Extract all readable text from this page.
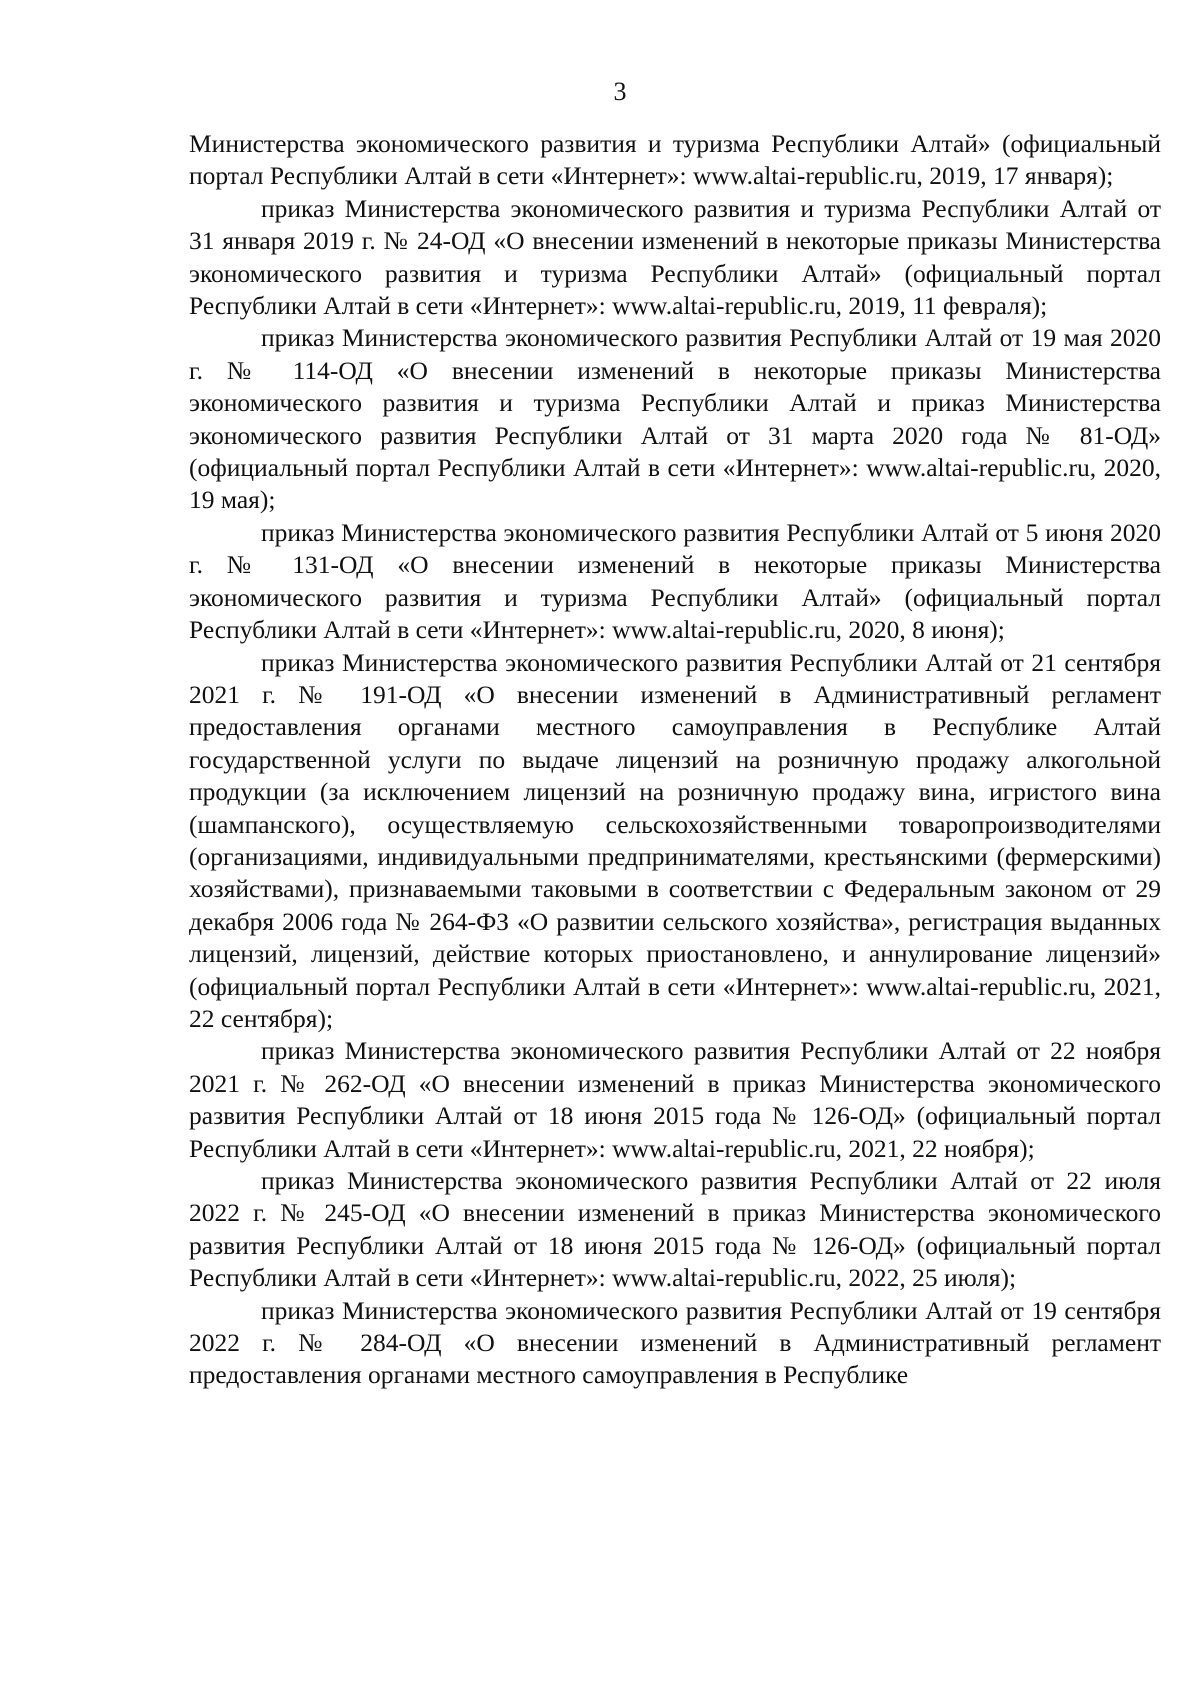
3

Министерства экономического развития и туризма Республики Алтай» (официальный портал Республики Алтай в сети «Интернет»: www.altai-republic.ru, 2019, 17 января);

приказ Министерства экономического развития и туризма Республики Алтай от 31 января 2019 г. № 24-ОД «О внесении изменений в некоторые приказы Министерства экономического развития и туризма Республики Алтай» (официальный портал Республики Алтай в сети «Интернет»: www.altai-republic.ru, 2019, 11 февраля);

приказ Министерства экономического развития Республики Алтай от 19 мая 2020 г. № 114-ОД «О внесении изменений в некоторые приказы Министерства экономического развития и туризма Республики Алтай и приказ Министерства экономического развития Республики Алтай от 31 марта 2020 года № 81-ОД» (официальный портал Республики Алтай в сети «Интернет»: www.altai-republic.ru, 2020, 19 мая);

приказ Министерства экономического развития Республики Алтай от 5 июня 2020 г. № 131-ОД «О внесении изменений в некоторые приказы Министерства экономического развития и туризма Республики Алтай» (официальный портал Республики Алтай в сети «Интернет»: www.altai-republic.ru, 2020, 8 июня);

приказ Министерства экономического развития Республики Алтай от 21 сентября 2021 г. № 191-ОД «О внесении изменений в Административный регламент предоставления органами местного самоуправления в Республике Алтай государственной услуги по выдаче лицензий на розничную продажу алкогольной продукции (за исключением лицензий на розничную продажу вина, игристого вина (шампанского), осуществляемую сельскохозяйственными товаропроизводителями (организациями, индивидуальными предпринимателями, крестьянскими (фермерскими) хозяйствами), признаваемыми таковыми в соответствии с Федеральным законом от 29 декабря 2006 года № 264-ФЗ «О развитии сельского хозяйства», регистрация выданных лицензий, лицензий, действие которых приостановлено, и аннулирование лицензий» (официальный портал Республики Алтай в сети «Интернет»: www.altai-republic.ru, 2021, 22 сентября);

приказ Министерства экономического развития Республики Алтай от 22 ноября 2021 г. № 262-ОД «О внесении изменений в приказ Министерства экономического развития Республики Алтай от 18 июня 2015 года № 126-ОД» (официальный портал Республики Алтай в сети «Интернет»: www.altai-republic.ru, 2021, 22 ноября);

приказ Министерства экономического развития Республики Алтай от 22 июля 2022 г. № 245-ОД «О внесении изменений в приказ Министерства экономического развития Республики Алтай от 18 июня 2015 года № 126-ОД» (официальный портал Республики Алтай в сети «Интернет»: www.altai-republic.ru, 2022, 25 июля);

приказ Министерства экономического развития Республики Алтай от 19 сентября 2022 г. № 284-ОД «О внесении изменений в Административный регламент предоставления органами местного самоуправления в Республике
